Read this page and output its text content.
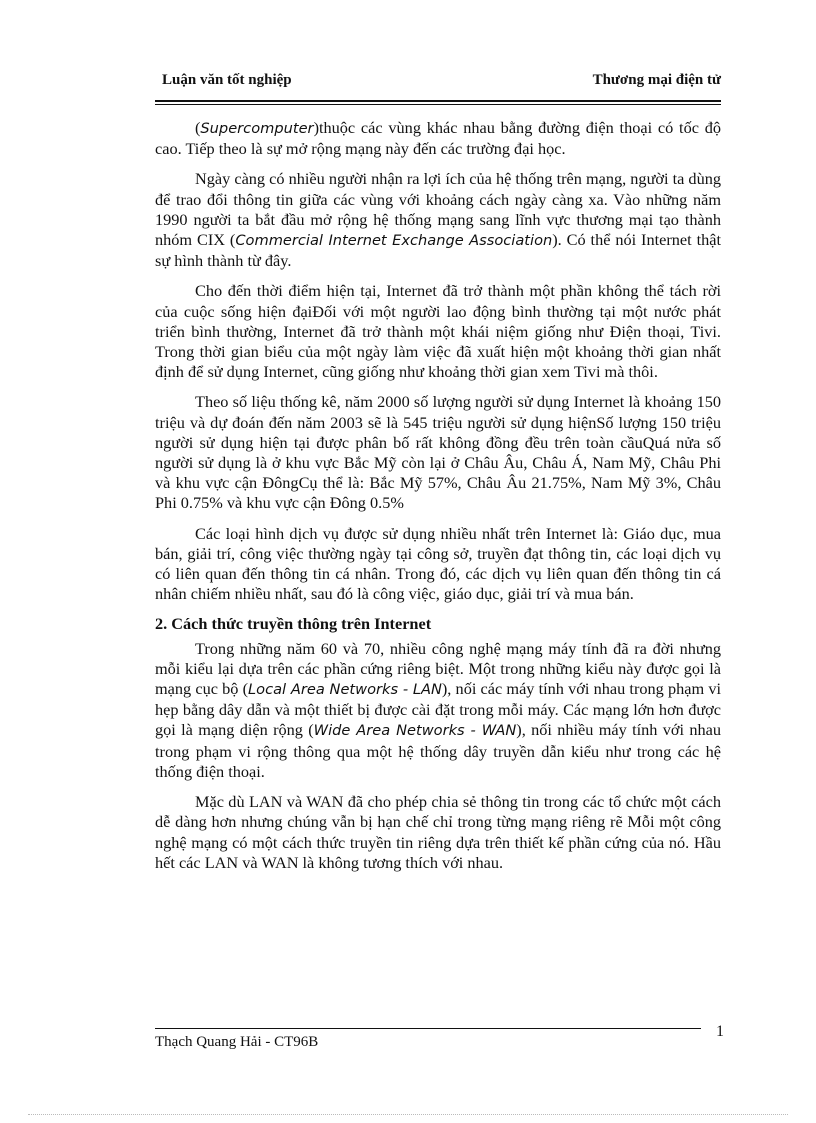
Luận văn tốt nghiệp	Thương mại điện tử

(Supercomputer)thuộc các vùng khác nhau bằng đường điện thoại có tốc độ cao. Tiếp theo là sự mở rộng mạng này đến các trường đại học.

Ngày càng có nhiều người nhận ra lợi ích của hệ thống trên mạng, người ta dùng để trao đổi thông tin giữa các vùng với khoảng cách ngày càng xa. Vào những năm 1990 người ta bắt đầu mở rộng hệ thống mạng sang lĩnh vực thương mại tạo thành nhóm CIX (Commercial Internet Exchange Association). Có thể nói Internet thật sự hình thành từ đây.

Cho đến thời điểm hiện tại, Internet đã trở thành một phần không thể tách rời của cuộc sống hiện đạiĐối với một người lao động bình thường tại một nước phát triển bình thường, Internet đã trở thành một khái niệm giống như Điện thoại, Tivi. Trong thời gian biểu của một ngày làm việc đã xuất hiện một khoảng thời gian nhất định để sử dụng Internet, cũng giống như khoảng thời gian xem Tivi mà thôi.

Theo số liệu thống kê, năm 2000 số lượng người sử dụng Internet là khoảng 150 triệu và dự đoán đến năm 2003 sẽ là 545 triệu người sử dụng hiệnSố lượng 150 triệu người sử dụng hiện tại được phân bố rất không đồng đều trên toàn cầuQuá nửa số người sử dụng là ở khu vực Bắc Mỹ còn lại ở Châu Âu, Châu Á, Nam Mỹ, Châu Phi và khu vực cận ĐôngCụ thể là: Bắc Mỹ 57%, Châu Âu 21.75%, Nam Mỹ 3%, Châu Phi 0.75% và khu vực cận Đông 0.5%

Các loại hình dịch vụ được sử dụng nhiều nhất trên Internet là: Giáo dục, mua bán, giải trí, công việc thường ngày tại công sở, truyền đạt thông tin, các loại dịch vụ có liên quan đến thông tin cá nhân. Trong đó, các dịch vụ liên quan đến thông tin cá nhân chiếm nhiều nhất, sau đó là công việc, giáo dục, giải trí và mua bán.

2. Cách thức truyền thông trên Internet

Trong những năm 60 và 70, nhiều công nghệ mạng máy tính đã ra đời nhưng mỗi kiểu lại dựa trên các phần cứng riêng biệt. Một trong những kiểu này được gọi là mạng cục bộ (Local Area Networks - LAN), nối các máy tính với nhau trong phạm vi hẹp bằng dây dẫn và một thiết bị được cài đặt trong mỗi máy. Các mạng lớn hơn được gọi là mạng diện rộng (Wide Area Networks - WAN), nối nhiều máy tính với nhau trong phạm vi rộng thông qua một hệ thống dây truyền dẫn kiểu như trong các hệ thống điện thoại.

Mặc dù LAN và WAN đã cho phép chia sẻ thông tin trong các tổ chức một cách dễ dàng hơn nhưng chúng vẫn bị hạn chế chỉ trong từng mạng riêng rẽ Mỗi một công nghệ mạng có một cách thức truyền tin riêng dựa trên thiết kế phần cứng của nó. Hầu hết các LAN và WAN là không tương thích với nhau.

1
Thạch Quang Hải - CT96B
